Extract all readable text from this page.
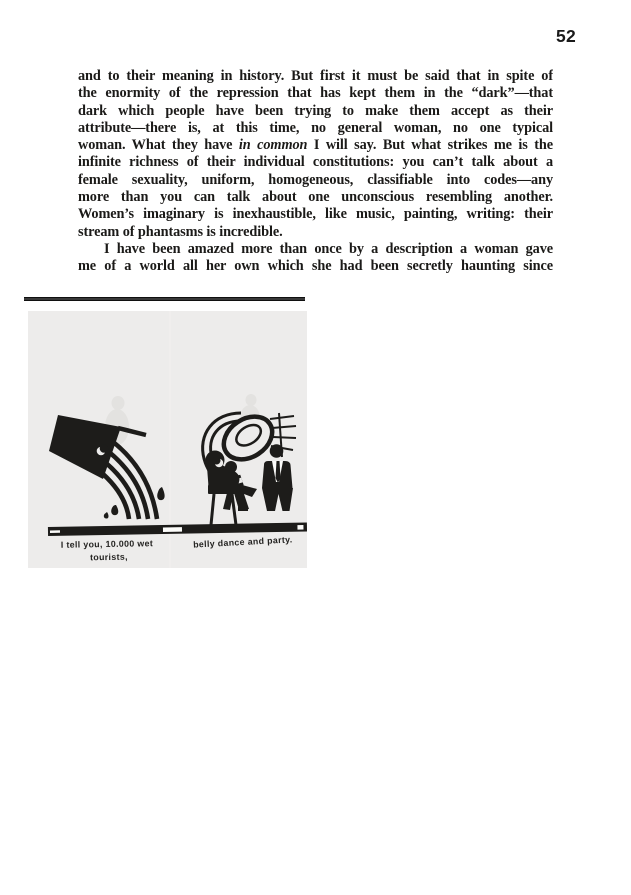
52
and to their meaning in history. But first it must be said that in spite of
the enormity of the repression that has kept them in the “dark”—that
dark which people have been trying to make them accept as their
attribute—there is, at this time, no general woman, no one typical
woman. What they have in common I will say. But what strikes me is the
infinite richness of their individual constitutions: you can’t talk about a
female sexuality, uniform, homogeneous, classifiable into codes—any
more than you can talk about one unconscious resembling another.
Women’s imaginary is inexhaustible, like music, painting, writing: their
stream of phantasms is incredible.
I have been amazed more than once by a description a woman gave
me of a world all her own which she had been secretly haunting since
I tell you, 10.000 wet
tourists,
belly dance and party.
